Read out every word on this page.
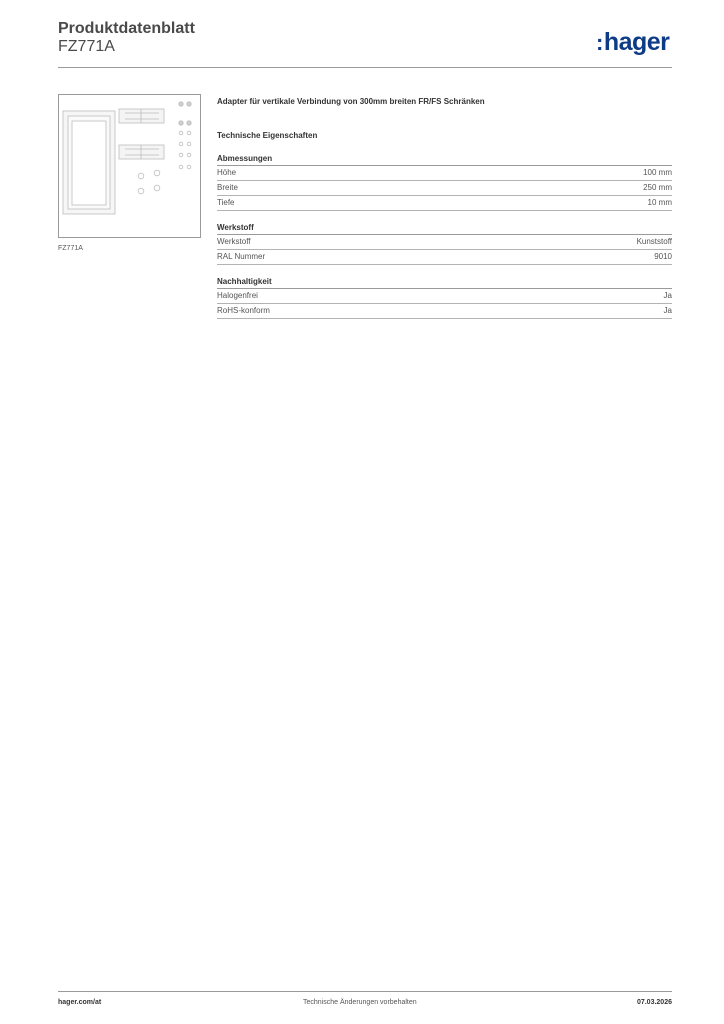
Produktdatenblatt
FZ771A	:hager
FZ771A
Adapter für vertikale Verbindung von 300mm breiten FR/FS Schränken
Technische Eigenschaften
Abmessungen
Höhe	100 mm
Breite	250 mm
Tiefe	10 mm
Werkstoff
Werkstoff	Kunststoff
RAL Nummer	9010
Nachhaltigkeit
Halogenfrei	Ja
RoHS-konform	Ja
hager.com/at	Technische Änderungen vorbehalten	07.03.2026
